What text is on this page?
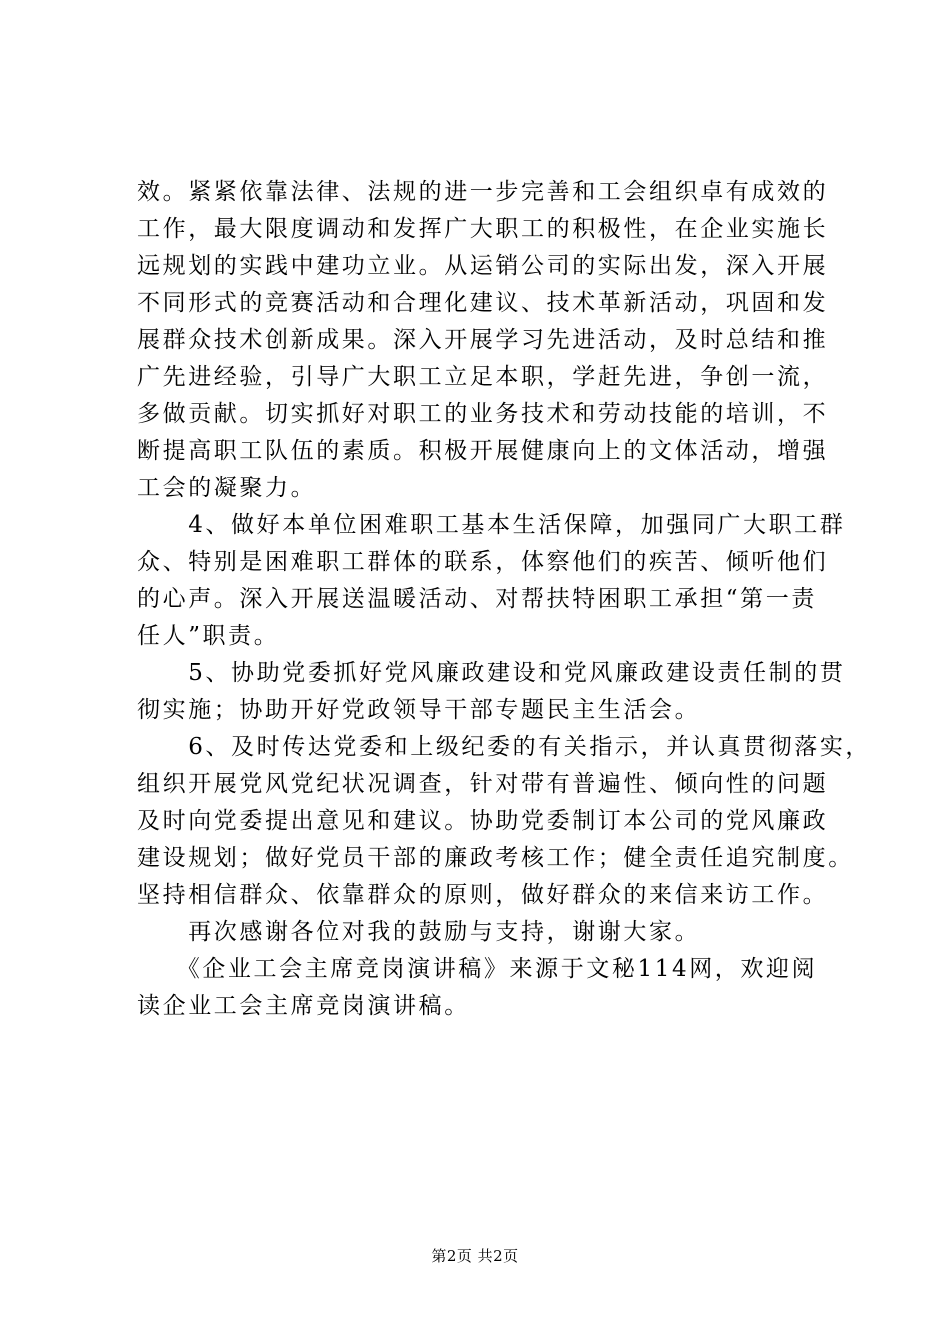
效。紧紧依靠法律、法规的进一步完善和工会组织卓有成效的
工作，最大限度调动和发挥广大职工的积极性，在企业实施长
远规划的实践中建功立业。从运销公司的实际出发，深入开展
不同形式的竞赛活动和合理化建议、技术革新活动，巩固和发
展群众技术创新成果。深入开展学习先进活动，及时总结和推
广先进经验，引导广大职工立足本职，学赶先进，争创一流，
多做贡献。切实抓好对职工的业务技术和劳动技能的培训，不
断提高职工队伍的素质。积极开展健康向上的文体活动，增强
工会的凝聚力。
　　4、做好本单位困难职工基本生活保障，加强同广大职工群
众、特别是困难职工群体的联系，体察他们的疾苦、倾听他们
的心声。深入开展送温暖活动、对帮扶特困职工承担“第一责
任人”职责。
　　5、协助党委抓好党风廉政建设和党风廉政建设责任制的贯
彻实施；协助开好党政领导干部专题民主生活会。
　　6、及时传达党委和上级纪委的有关指示，并认真贯彻落实，
组织开展党风党纪状况调查，针对带有普遍性、倾向性的问题
及时向党委提出意见和建议。协助党委制订本公司的党风廉政
建设规划；做好党员干部的廉政考核工作；健全责任追究制度。
坚持相信群众、依靠群众的原则，做好群众的来信来访工作。
　　再次感谢各位对我的鼓励与支持，谢谢大家。
　　《企业工会主席竞岗演讲稿》来源于文秘114网，欢迎阅
读企业工会主席竞岗演讲稿。
第2页 共2页
